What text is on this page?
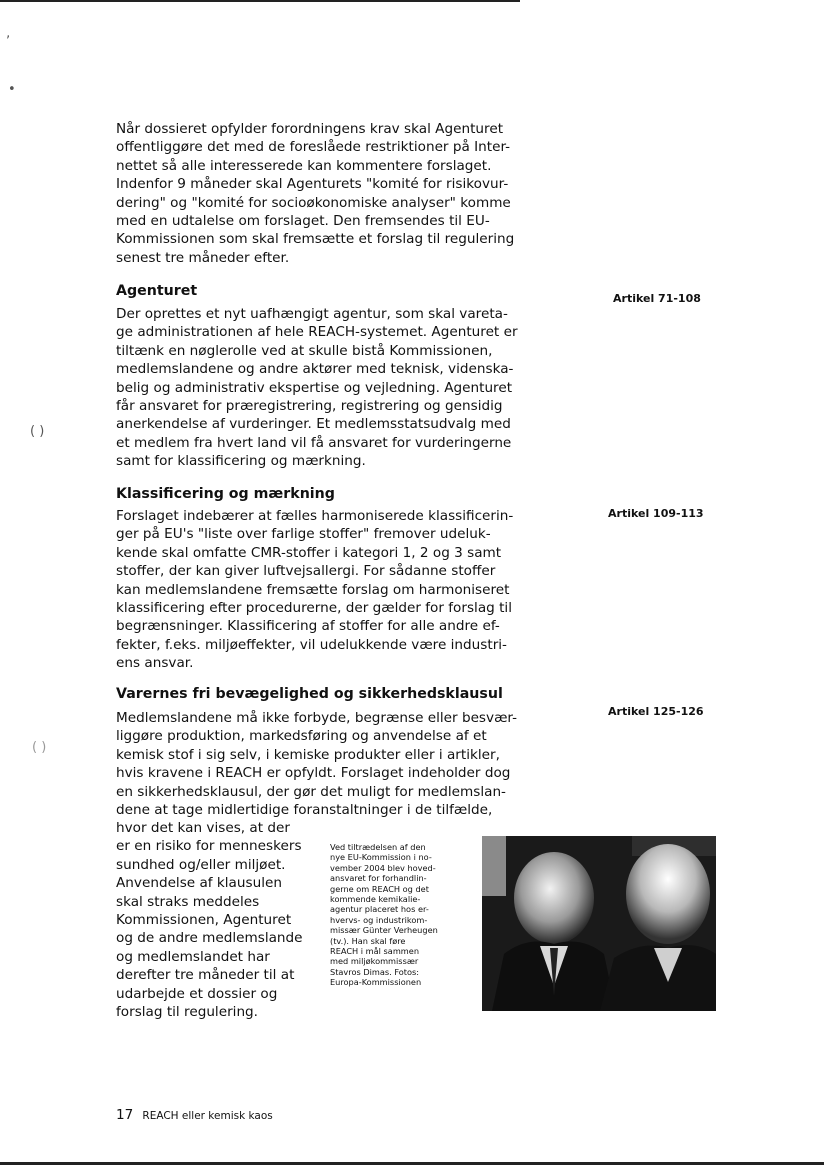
ʼ
•
( )
( )

Når dossieret opfylder forordningens krav skal Agenturet
offentliggøre det med de foreslåede restriktioner på Inter-
nettet så alle interesserede kan kommentere forslaget.
Indenfor 9 måneder skal Agenturets "komité for risikovur-
dering" og "komité for socioøkonomiske analyser" komme
med en udtalelse om forslaget. Den fremsendes til EU-
Kommissionen som skal fremsætte et forslag til regulering
senest tre måneder efter.

Agenturet	Artikel 71-108

Der oprettes et nyt uafhængigt agentur, som skal vareta-
ge administrationen af hele REACH-systemet. Agenturet er
tiltænk en nøglerolle ved at skulle bistå Kommissionen,
medlemslandene og andre aktører med teknisk, videnska-
belig og administrativ ekspertise og vejledning. Agenturet
får ansvaret for præregistrering, registrering og gensidig
anerkendelse af vurderinger. Et medlemsstatsudvalg med
et medlem fra hvert land vil få ansvaret for vurderingerne
samt for klassificering og mærkning.

Klassificering og mærkning
Artikel 109-113

Forslaget indebærer at fælles harmoniserede klassificerin-
ger på EU's "liste over farlige stoffer" fremover udeluk-
kende skal omfatte CMR-stoffer i kategori 1, 2 og 3 samt
stoffer, der kan giver luftvejsallergi. For sådanne stoffer
kan medlemslandene fremsætte forslag om harmoniseret
klassificering efter procedurerne, der gælder for forslag til
begrænsninger. Klassificering af stoffer for alle andre ef-
fekter, f.eks. miljøeffekter, vil udelukkende være industri-
ens ansvar.

Varernes fri bevægelighed og sikkerhedsklausul
Artikel 125-126

Medlemslandene må ikke forbyde, begrænse eller besvær-
liggøre produktion, markedsføring og anvendelse af et
kemisk stof i sig selv, i kemiske produkter eller i artikler,
hvis kravene i REACH er opfyldt. Forslaget indeholder dog
en sikkerhedsklausul, der gør det muligt for medlemslan-
dene at tage midlertidige foranstaltninger i de tilfælde,

hvor det kan vises, at der
er en risiko for menneskers
sundhed og/eller miljøet.
Anvendelse af klausulen
skal straks meddeles
Kommissionen, Agenturet
og de andre medlemslande
og medlemslandet har
derefter tre måneder til at
udarbejde et dossier og
forslag til regulering.

Ved tiltrædelsen af den
nye EU-Kommission i no-
vember 2004 blev hoved-
ansvaret for forhandlin-
gerne om REACH og det
kommende kemikalie-
agentur placeret hos er-
hvervs- og industrikom-
missær Günter Verheugen
(tv.). Han skal føre
REACH i mål sammen
med miljøkommissær
Stavros Dimas. Fotos:
Europa-Kommissionen
17 REACH eller kemisk kaos
